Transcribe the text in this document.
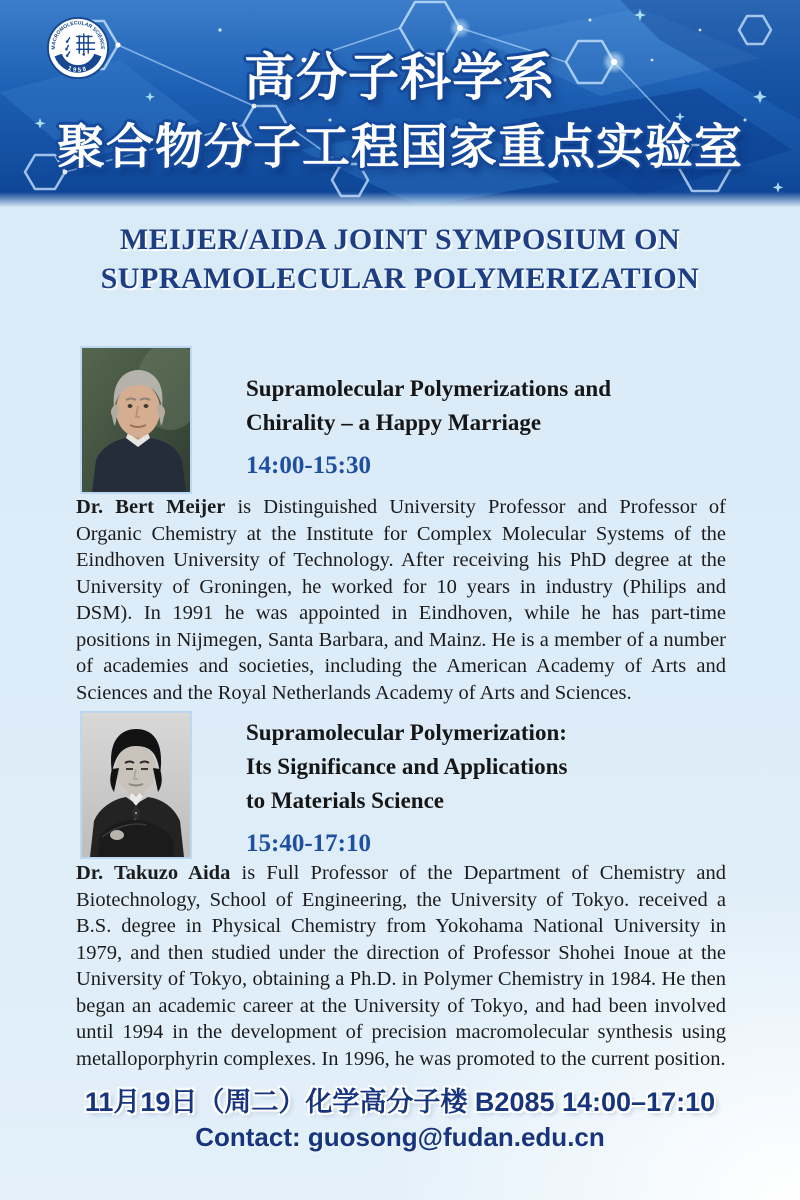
MACROMOLECULAR SCIENCE
1958	高分子科学系
聚合物分子工程国家重点实验室
MEIJER/AIDA JOINT SYMPOSIUM ON
SUPRAMOLECULAR POLYMERIZATION
Supramolecular Polymerizations and
Chirality – a Happy Marriage
14:00-15:30

Dr. Bert Meijer is Distinguished University Professor and Professor of Organic Chemistry at the Institute for Complex Molecular Systems of the Eindhoven University of Technology. After receiving his PhD degree at the University of Groningen, he worked for 10 years in industry (Philips and DSM). In 1991 he was appointed in Eindhoven, while he has part-time positions in Nijmegen, Santa Barbara, and Mainz. He is a member of a number of academies and societies, including the American Academy of Arts and Sciences and the Royal Netherlands Academy of Arts and Sciences.

Supramolecular Polymerization:
Its Significance and Applications
to Materials Science
15:40-17:10

Dr. Takuzo Aida is Full Professor of the Department of Chemistry and Biotechnology, School of Engineering, the University of Tokyo. received a B.S. degree in Physical Chemistry from Yokohama National University in 1979, and then studied under the direction of Professor Shohei Inoue at the University of Tokyo, obtaining a Ph.D. in Polymer Chemistry in 1984. He then began an academic career at the University of Tokyo, and had been involved until 1994 in the development of precision macromolecular synthesis using metalloporphyrin complexes. In 1996, he was promoted to the current position.

11月19日（周二）化学高分子楼 B2085 14:00–17:10
Contact: guosong@fudan.edu.cn
